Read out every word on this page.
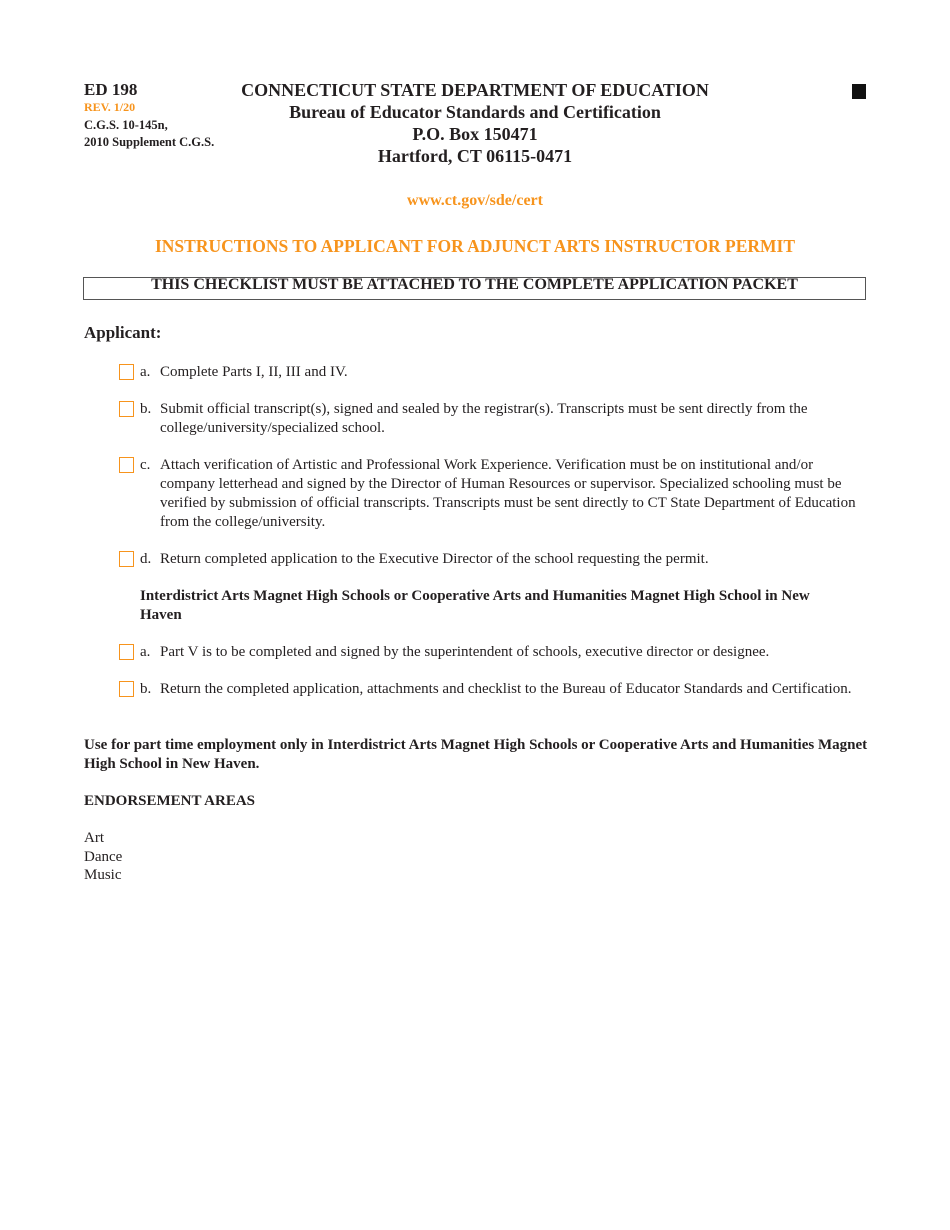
ED 198
REV. 1/20
C.G.S. 10-145n,
2010 Supplement C.G.S.
CONNECTICUT STATE DEPARTMENT OF EDUCATION
Bureau of Educator Standards and Certification
P.O. Box 150471
Hartford, CT 06115-0471
www.ct.gov/sde/cert
INSTRUCTIONS TO APPLICANT FOR ADJUNCT ARTS INSTRUCTOR PERMIT
THIS CHECKLIST MUST BE ATTACHED TO THE COMPLETE APPLICATION PACKET
Applicant:
a. Complete Parts I, II, III and IV.
b. Submit official transcript(s), signed and sealed by the registrar(s). Transcripts must be sent directly from the college/university/specialized school.
c. Attach verification of Artistic and Professional Work Experience. Verification must be on institutional and/or company letterhead and signed by the Director of Human Resources or supervisor. Specialized schooling must be verified by submission of official transcripts. Transcripts must be sent directly to CT State Department of Education from the college/university.
d. Return completed application to the Executive Director of the school requesting the permit.
Interdistrict Arts Magnet High Schools or Cooperative Arts and Humanities Magnet High School in New Haven
a. Part V is to be completed and signed by the superintendent of schools, executive director or designee.
b. Return the completed application, attachments and checklist to the Bureau of Educator Standards and Certification.
Use for part time employment only in Interdistrict Arts Magnet High Schools or Cooperative Arts and Humanities Magnet High School in New Haven.
ENDORSEMENT AREAS
Art
Dance
Music
